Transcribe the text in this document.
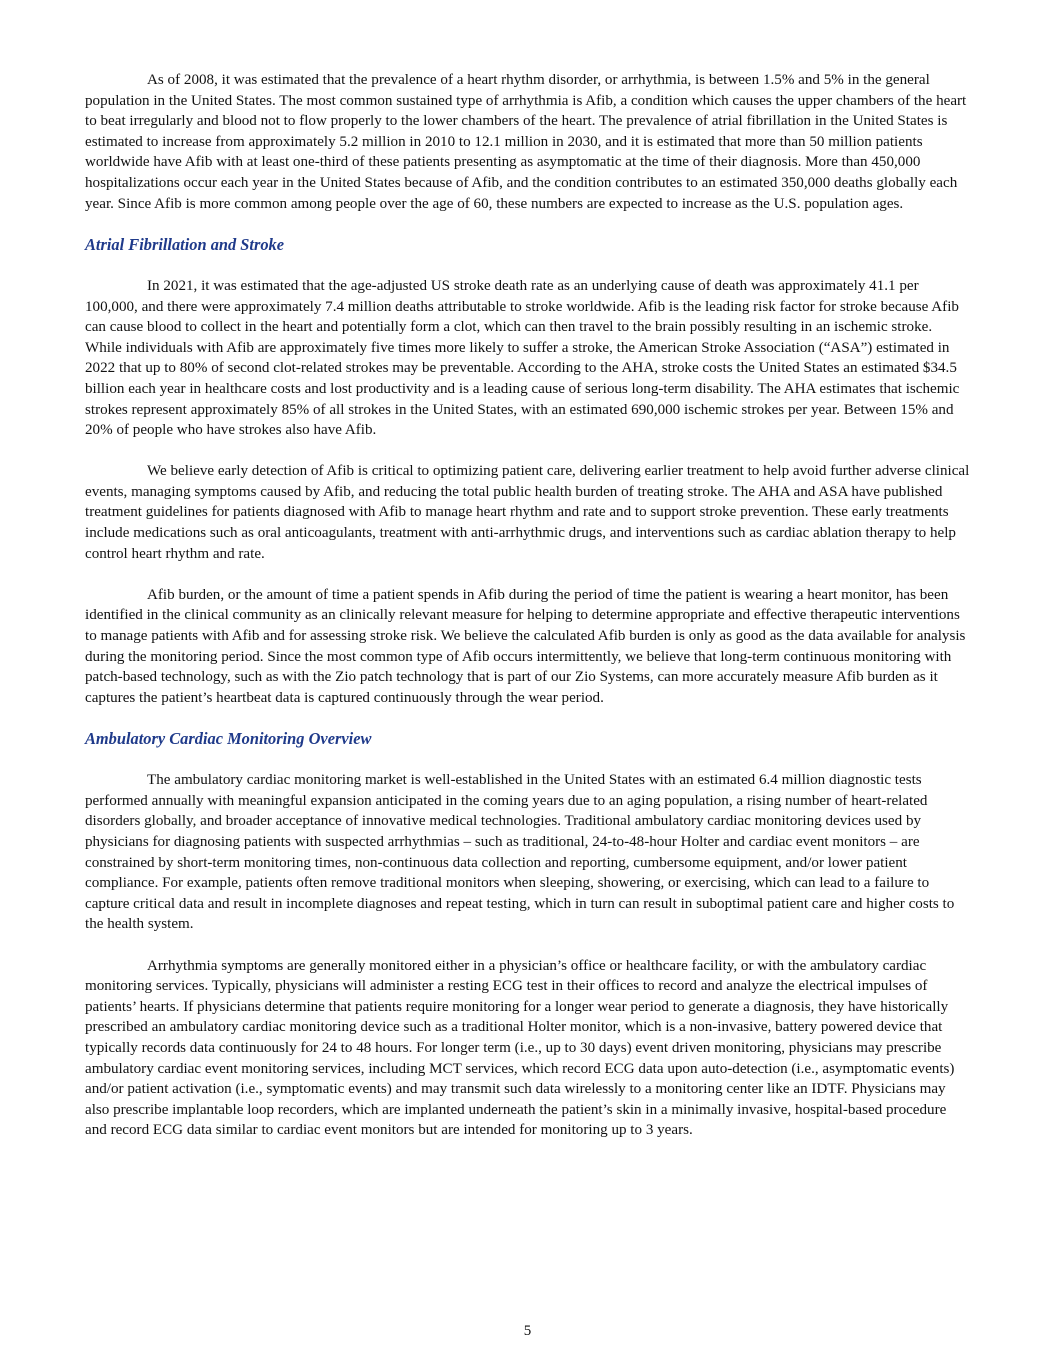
As of 2008, it was estimated that the prevalence of a heart rhythm disorder, or arrhythmia, is between 1.5% and 5% in the general population in the United States. The most common sustained type of arrhythmia is Afib, a condition which causes the upper chambers of the heart to beat irregularly and blood not to flow properly to the lower chambers of the heart. The prevalence of atrial fibrillation in the United States is estimated to increase from approximately 5.2 million in 2010 to 12.1 million in 2030, and it is estimated that more than 50 million patients worldwide have Afib with at least one-third of these patients presenting as asymptomatic at the time of their diagnosis. More than 450,000 hospitalizations occur each year in the United States because of Afib, and the condition contributes to an estimated 350,000 deaths globally each year. Since Afib is more common among people over the age of 60, these numbers are expected to increase as the U.S. population ages.

Atrial Fibrillation and Stroke

In 2021, it was estimated that the age-adjusted US stroke death rate as an underlying cause of death was approximately 41.1 per 100,000, and there were approximately 7.4 million deaths attributable to stroke worldwide. Afib is the leading risk factor for stroke because Afib can cause blood to collect in the heart and potentially form a clot, which can then travel to the brain possibly resulting in an ischemic stroke. While individuals with Afib are approximately five times more likely to suffer a stroke, the American Stroke Association (“ASA”) estimated in 2022 that up to 80% of second clot-related strokes may be preventable. According to the AHA, stroke costs the United States an estimated $34.5 billion each year in healthcare costs and lost productivity and is a leading cause of serious long-term disability. The AHA estimates that ischemic strokes represent approximately 85% of all strokes in the United States, with an estimated 690,000 ischemic strokes per year. Between 15% and 20% of people who have strokes also have Afib.

We believe early detection of Afib is critical to optimizing patient care, delivering earlier treatment to help avoid further adverse clinical events, managing symptoms caused by Afib, and reducing the total public health burden of treating stroke. The AHA and ASA have published treatment guidelines for patients diagnosed with Afib to manage heart rhythm and rate and to support stroke prevention. These early treatments include medications such as oral anticoagulants, treatment with anti-arrhythmic drugs, and interventions such as cardiac ablation therapy to help control heart rhythm and rate.

Afib burden, or the amount of time a patient spends in Afib during the period of time the patient is wearing a heart monitor, has been identified in the clinical community as an clinically relevant measure for helping to determine appropriate and effective therapeutic interventions to manage patients with Afib and for assessing stroke risk. We believe the calculated Afib burden is only as good as the data available for analysis during the monitoring period. Since the most common type of Afib occurs intermittently, we believe that long-term continuous monitoring with patch-based technology, such as with the Zio patch technology that is part of our Zio Systems, can more accurately measure Afib burden as it captures the patient’s heartbeat data is captured continuously through the wear period.

Ambulatory Cardiac Monitoring Overview

The ambulatory cardiac monitoring market is well-established in the United States with an estimated 6.4 million diagnostic tests performed annually with meaningful expansion anticipated in the coming years due to an aging population, a rising number of heart-related disorders globally, and broader acceptance of innovative medical technologies. Traditional ambulatory cardiac monitoring devices used by physicians for diagnosing patients with suspected arrhythmias – such as traditional, 24-to-48-hour Holter and cardiac event monitors – are constrained by short-term monitoring times, non-continuous data collection and reporting, cumbersome equipment, and/or lower patient compliance. For example, patients often remove traditional monitors when sleeping, showering, or exercising, which can lead to a failure to capture critical data and result in incomplete diagnoses and repeat testing, which in turn can result in suboptimal patient care and higher costs to the health system.

Arrhythmia symptoms are generally monitored either in a physician’s office or healthcare facility, or with the ambulatory cardiac monitoring services. Typically, physicians will administer a resting ECG test in their offices to record and analyze the electrical impulses of patients’ hearts. If physicians determine that patients require monitoring for a longer wear period to generate a diagnosis, they have historically prescribed an ambulatory cardiac monitoring device such as a traditional Holter monitor, which is a non-invasive, battery powered device that typically records data continuously for 24 to 48 hours. For longer term (i.e., up to 30 days) event driven monitoring, physicians may prescribe ambulatory cardiac event monitoring services, including MCT services, which record ECG data upon auto-detection (i.e., asymptomatic events) and/or patient activation (i.e., symptomatic events) and may transmit such data wirelessly to a monitoring center like an IDTF. Physicians may also prescribe implantable loop recorders, which are implanted underneath the patient’s skin in a minimally invasive, hospital-based procedure and record ECG data similar to cardiac event monitors but are intended for monitoring up to 3 years.

5
